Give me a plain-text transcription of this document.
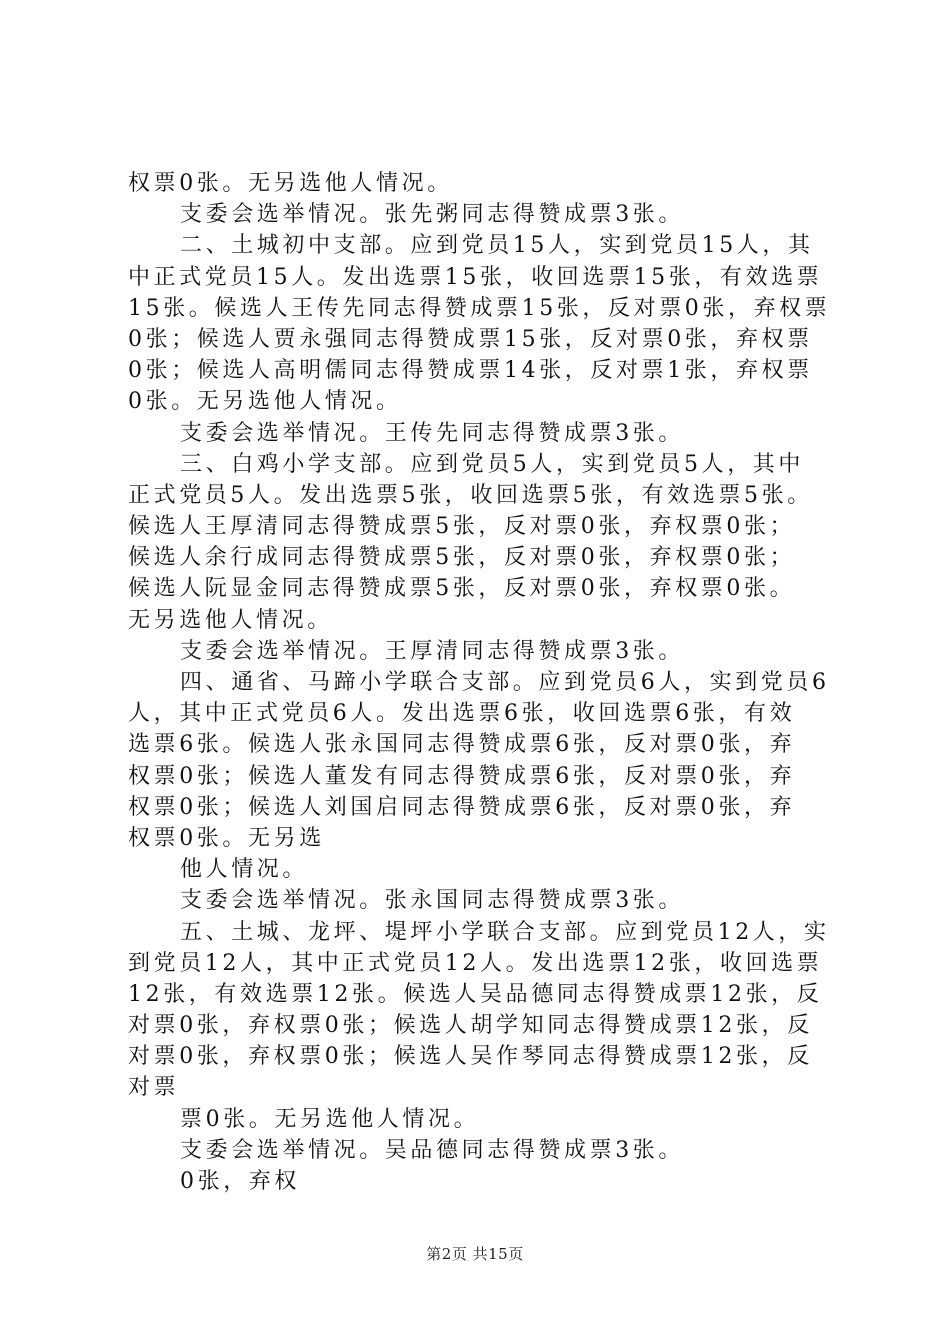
权票0张。无另选他人情况。
支委会选举情况。张先粥同志得赞成票3张。
二、土城初中支部。应到党员15人，实到党员15人，其
中正式党员15人。发出选票15张，收回选票15张，有效选票
15张。候选人王传先同志得赞成票15张，反对票0张，弃权票
0张；候选人贾永强同志得赞成票15张，反对票0张，弃权票
0张；候选人高明儒同志得赞成票14张，反对票1张，弃权票
0张。无另选他人情况。
支委会选举情况。王传先同志得赞成票3张。
三、白鸡小学支部。应到党员5人，实到党员5人，其中
正式党员5人。发出选票5张，收回选票5张，有效选票5张。
候选人王厚清同志得赞成票5张，反对票0张，弃权票0张；
候选人余行成同志得赞成票5张，反对票0张，弃权票0张；
候选人阮显金同志得赞成票5张，反对票0张，弃权票0张。
无另选他人情况。
支委会选举情况。王厚清同志得赞成票3张。
四、通省、马蹄小学联合支部。应到党员6人，实到党员6
人，其中正式党员6人。发出选票6张，收回选票6张，有效
选票6张。候选人张永国同志得赞成票6张，反对票0张，弃
权票0张；候选人董发有同志得赞成票6张，反对票0张，弃
权票0张；候选人刘国启同志得赞成票6张，反对票0张，弃
权票0张。无另选
他人情况。
支委会选举情况。张永国同志得赞成票3张。
五、土城、龙坪、堤坪小学联合支部。应到党员12人，实
到党员12人，其中正式党员12人。发出选票12张，收回选票
12张，有效选票12张。候选人吴品德同志得赞成票12张，反
对票0张，弃权票0张；候选人胡学知同志得赞成票12张，反
对票0张，弃权票0张；候选人吴作琴同志得赞成票12张，反
对票
票0张。无另选他人情况。
支委会选举情况。吴品德同志得赞成票3张。
0张，弃权
第2页 共15页
